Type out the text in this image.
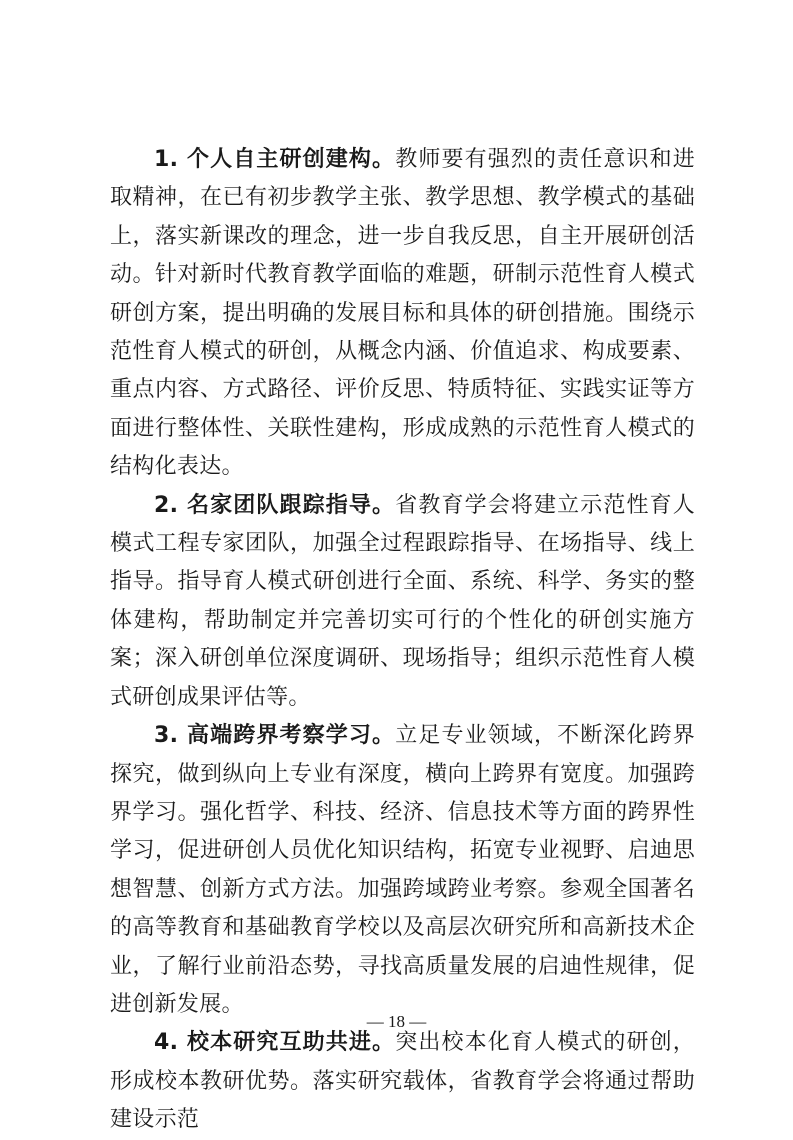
1. 个人自主研创建构。教师要有强烈的责任意识和进取精神，在已有初步教学主张、教学思想、教学模式的基础上，落实新课改的理念，进一步自我反思，自主开展研创活动。针对新时代教育教学面临的难题，研制示范性育人模式研创方案，提出明确的发展目标和具体的研创措施。围绕示范性育人模式的研创，从概念内涵、价值追求、构成要素、重点内容、方式路径、评价反思、特质特征、实践实证等方面进行整体性、关联性建构，形成成熟的示范性育人模式的结构化表达。

2. 名家团队跟踪指导。省教育学会将建立示范性育人模式工程专家团队，加强全过程跟踪指导、在场指导、线上指导。指导育人模式研创进行全面、系统、科学、务实的整体建构，帮助制定并完善切实可行的个性化的研创实施方案；深入研创单位深度调研、现场指导；组织示范性育人模式研创成果评估等。

3. 高端跨界考察学习。立足专业领域，不断深化跨界探究，做到纵向上专业有深度，横向上跨界有宽度。加强跨界学习。强化哲学、科技、经济、信息技术等方面的跨界性学习，促进研创人员优化知识结构，拓宽专业视野、启迪思想智慧、创新方式方法。加强跨域跨业考察。参观全国著名的高等教育和基础教育学校以及高层次研究所和高新技术企业，了解行业前沿态势，寻找高质量发展的启迪性规律，促进创新发展。

4. 校本研究互助共进。突出校本化育人模式的研创，形成校本教研优势。落实研究载体，省教育学会将通过帮助建设示范

— 18 —
